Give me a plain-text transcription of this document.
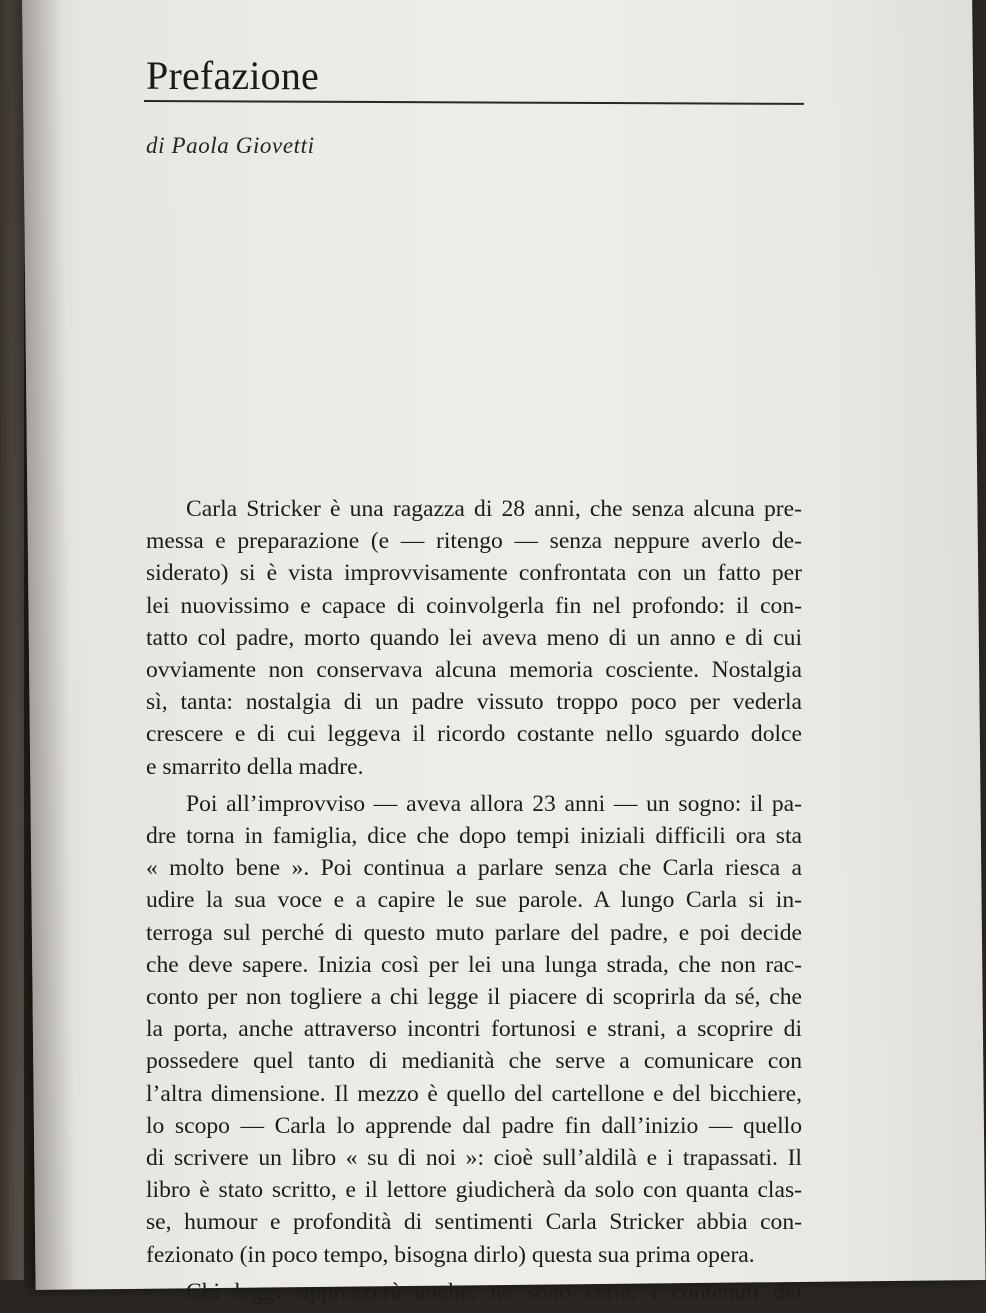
Prefazione
di Paola Giovetti
Carla Stricker è una ragazza di 28 anni, che senza alcuna pre-
messa e preparazione (e — ritengo — senza neppure averlo de-
siderato) si è vista improvvisamente confrontata con un fatto per
lei nuovissimo e capace di coinvolgerla fin nel profondo: il con-
tatto col padre, morto quando lei aveva meno di un anno e di cui
ovviamente non conservava alcuna memoria cosciente. Nostalgia
sì, tanta: nostalgia di un padre vissuto troppo poco per vederla
crescere e di cui leggeva il ricordo costante nello sguardo dolce
e smarrito della madre.
Poi all’improvviso — aveva allora 23 anni — un sogno: il pa-
dre torna in famiglia, dice che dopo tempi iniziali difficili ora sta
« molto bene ». Poi continua a parlare senza che Carla riesca a
udire la sua voce e a capire le sue parole. A lungo Carla si in-
terroga sul perché di questo muto parlare del padre, e poi decide
che deve sapere. Inizia così per lei una lunga strada, che non rac-
conto per non togliere a chi legge il piacere di scoprirla da sé, che
la porta, anche attraverso incontri fortunosi e strani, a scoprire di
possedere quel tanto di medianità che serve a comunicare con
l’altra dimensione. Il mezzo è quello del cartellone e del bicchiere,
lo scopo — Carla lo apprende dal padre fin dall’inizio — quello
di scrivere un libro « su di noi »: cioè sull’aldilà e i trapassati. Il
libro è stato scritto, e il lettore giudicherà da solo con quanta clas-
se, humour e profondità di sentimenti Carla Stricker abbia con-
fezionato (in poco tempo, bisogna dirlo) questa sua prima opera.
Chi legge apprezzerà anche, ne sono certa, i contenuti dei
